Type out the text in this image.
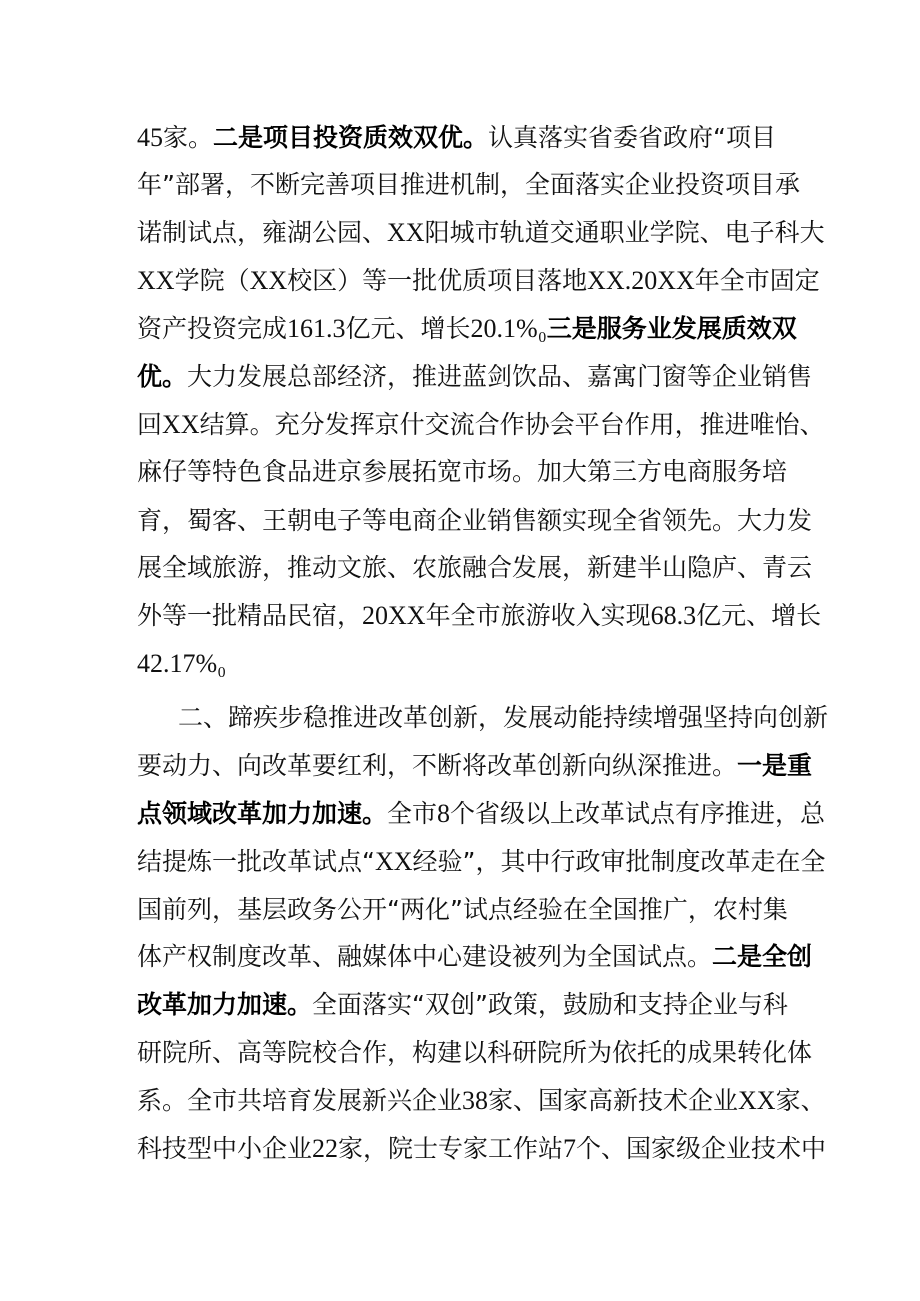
45家。二是项目投资质效双优。认真落实省委省政府“项目
年”部署，不断完善项目推进机制，全面落实企业投资项目承
诺制试点，雍湖公园、XX阳城市轨道交通职业学院、电子科大
XX学院（XX校区）等一批优质项目落地XX.20XX年全市固定
资产投资完成161.3亿元、增长20.1%₀三是服务业发展质效双
优。大力发展总部经济，推进蓝剑饮品、嘉寓门窗等企业销售
回XX结算。充分发挥京什交流合作协会平台作用，推进唯怡、
麻仔等特色食品进京参展拓宽市场。加大第三方电商服务培
育，蜀客、王朝电子等电商企业销售额实现全省领先。大力发
展全域旅游，推动文旅、农旅融合发展，新建半山隐庐、青云
外等一批精品民宿，20XX年全市旅游收入实现68.3亿元、增长
42.17%₀
二、蹄疾步稳推进改革创新，发展动能持续增强坚持向创新
要动力、向改革要红利，不断将改革创新向纵深推进。一是重
点领域改革加力加速。全市8个省级以上改革试点有序推进，总
结提炼一批改革试点“XX经验”，其中行政审批制度改革走在全
国前列，基层政务公开“两化”试点经验在全国推广，农村集
体产权制度改革、融媒体中心建设被列为全国试点。二是全创
改革加力加速。全面落实“双创”政策，鼓励和支持企业与科
研院所、高等院校合作，构建以科研院所为依托的成果转化体
系。全市共培育发展新兴企业38家、国家高新技术企业XX家、
科技型中小企业22家，院士专家工作站7个、国家级企业技术中
